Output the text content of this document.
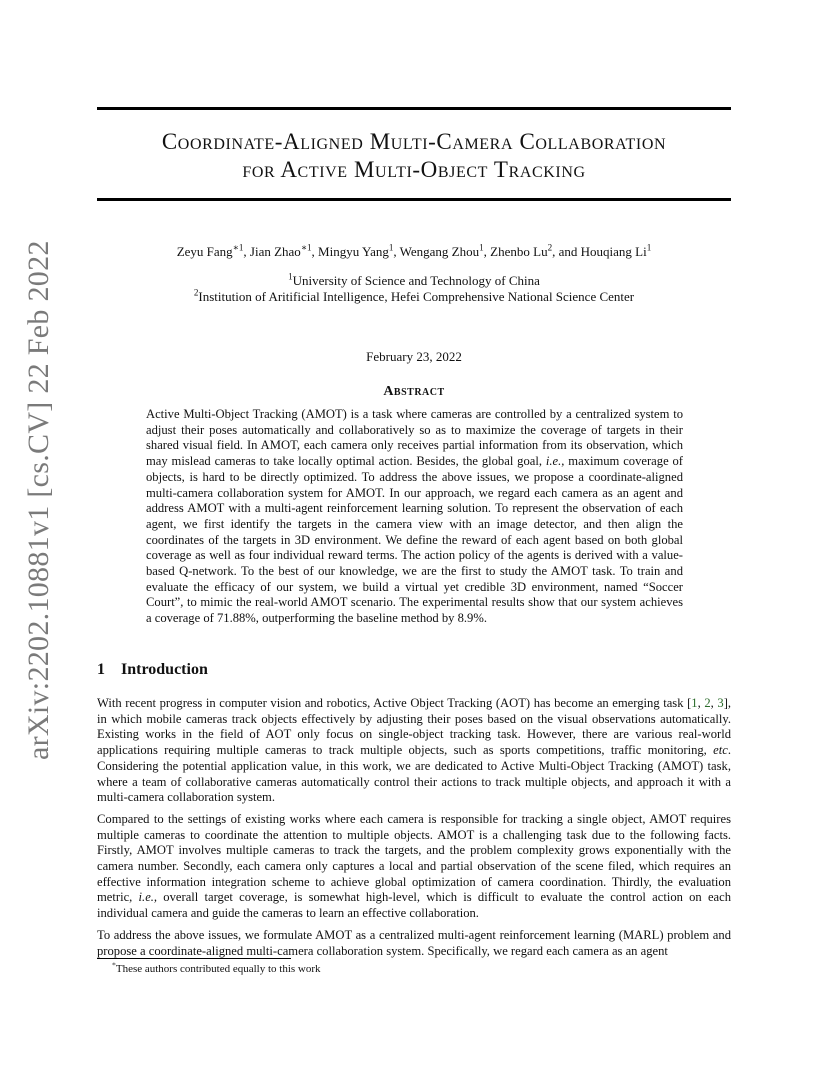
arXiv:2202.10881v1 [cs.CV] 22 Feb 2022
Coordinate-Aligned Multi-Camera Collaboration
for Active Multi-Object Tracking
Zeyu Fang$^{∗1}$, Jian Zhao$^{∗1}$, Mingyu Yang$^1$, Wengang Zhou$^1$, Zhenbo Lu$^2$, and Houqiang Li$^1$
$^1$University of Science and Technology of China
$^2$Institution of Aritificial Intelligence, Hefei Comprehensive National Science Center
February 23, 2022
Abstract

Active Multi-Object Tracking (AMOT) is a task where cameras are controlled by a centralized system to adjust their poses automatically and collaboratively so as to maximize the coverage of targets in their shared visual field. In AMOT, each camera only receives partial information from its observation, which may mislead cameras to take locally optimal action. Besides, the global goal, i.e., maximum coverage of objects, is hard to be directly optimized. To address the above issues, we propose a coordinate-aligned multi-camera collaboration system for AMOT. In our approach, we regard each camera as an agent and address AMOT with a multi-agent reinforcement learning solution. To represent the observation of each agent, we first identify the targets in the camera view with an image detector, and then align the coordinates of the targets in 3D environment. We define the reward of each agent based on both global coverage as well as four individual reward terms. The action policy of the agents is derived with a value-based Q-network. To the best of our knowledge, we are the first to study the AMOT task. To train and evaluate the efficacy of our system, we build a virtual yet credible 3D environment, named “Soccer Court”, to mimic the real-world AMOT scenario. The experimental results show that our system achieves a coverage of 71.88%, outperforming the baseline method by 8.9%.

1 Introduction

With recent progress in computer vision and robotics, Active Object Tracking (AOT) has become an emerging task [1, 2, 3], in which mobile cameras track objects effectively by adjusting their poses based on the visual observations automatically. Existing works in the field of AOT only focus on single-object tracking task. However, there are various real-world applications requiring multiple cameras to track multiple objects, such as sports competitions, traffic monitoring, etc. Considering the potential application value, in this work, we are dedicated to Active Multi-Object Tracking (AMOT) task, where a team of collaborative cameras automatically control their actions to track multiple objects, and approach it with a multi-camera collaboration system.

Compared to the settings of existing works where each camera is responsible for tracking a single object, AMOT requires multiple cameras to coordinate the attention to multiple objects. AMOT is a challenging task due to the following facts. Firstly, AMOT involves multiple cameras to track the targets, and the problem complexity grows exponentially with the camera number. Secondly, each camera only captures a local and partial observation of the scene filed, which requires an effective information integration scheme to achieve global optimization of camera coordination. Thirdly, the evaluation metric, i.e., overall target coverage, is somewhat high-level, which is difficult to evaluate the control action on each individual camera and guide the cameras to learn an effective collaboration.

To address the above issues, we formulate AMOT as a centralized multi-agent reinforcement learning (MARL) problem and propose a coordinate-aligned multi-camera collaboration system. Specifically, we regard each camera as an agent

*These authors contributed equally to this work
